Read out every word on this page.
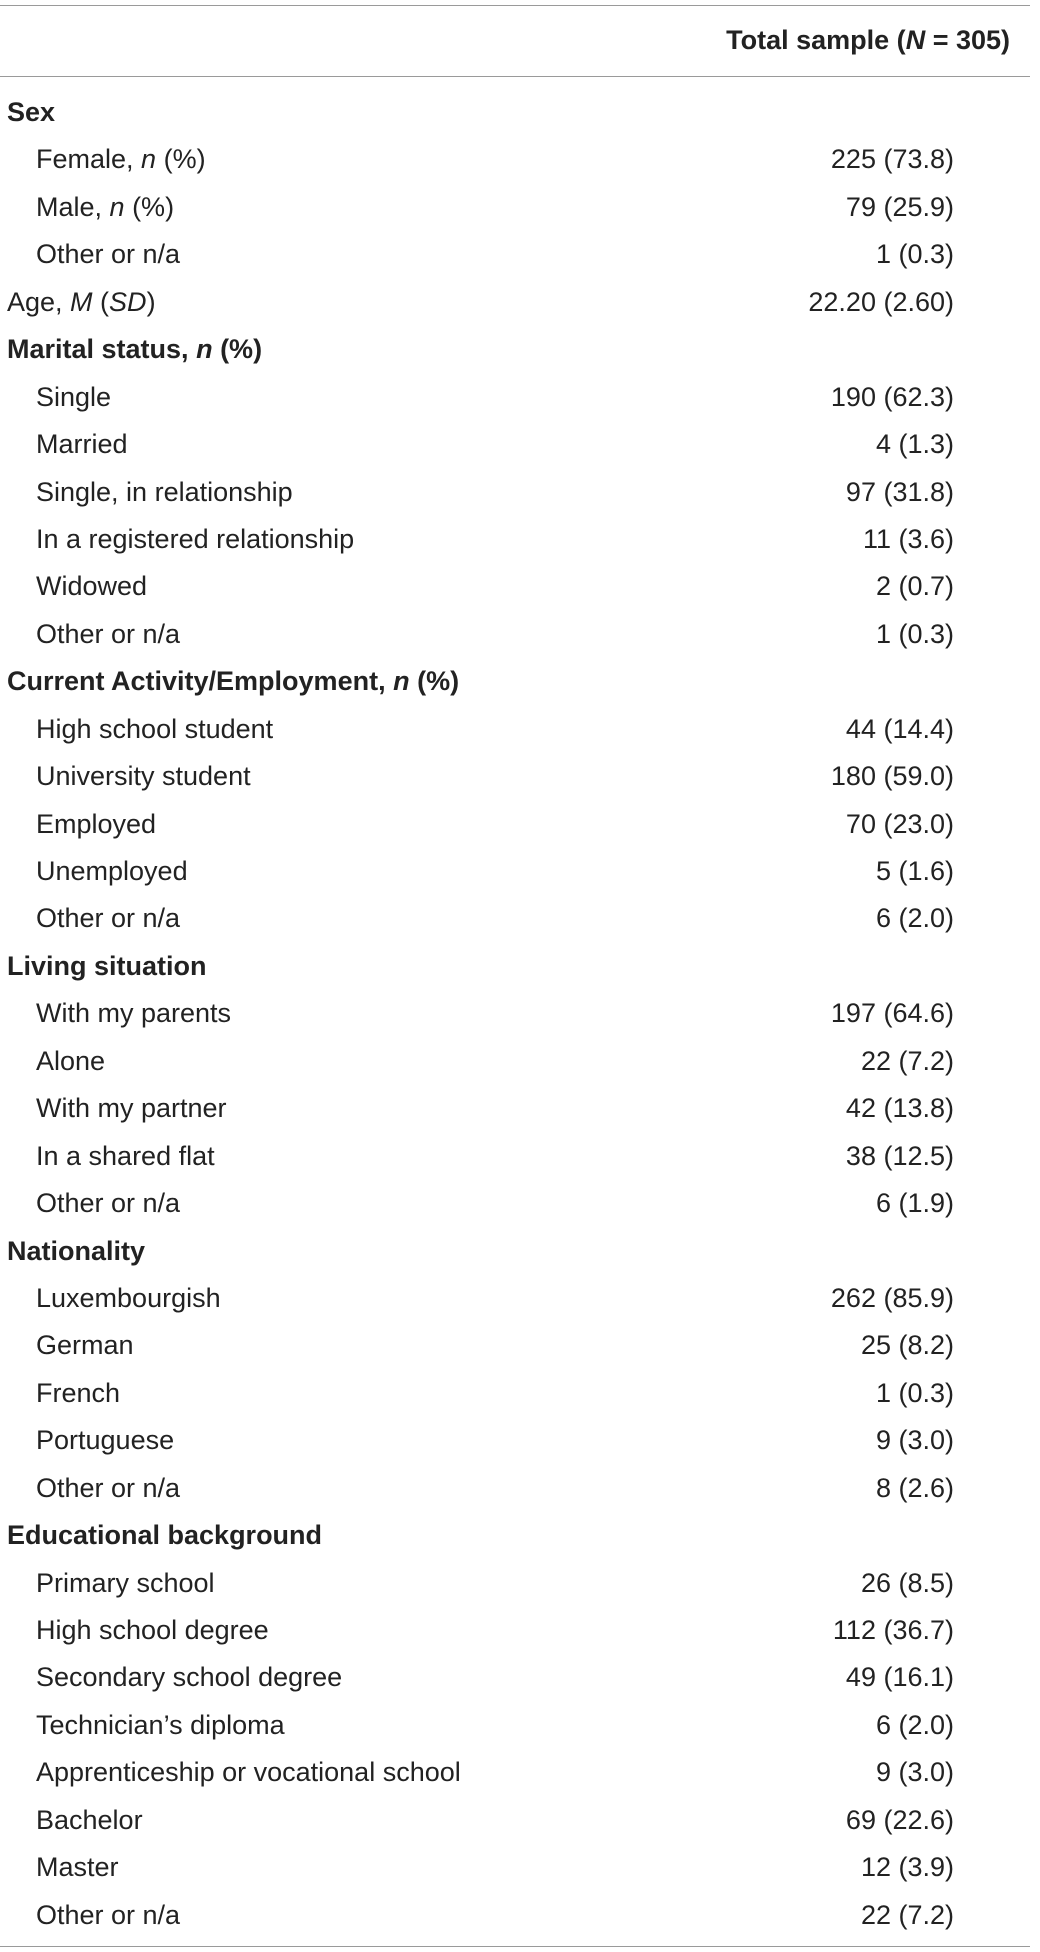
Total sample (N = 305)
Sex
Female, n (%)	225 (73.8)
Male, n (%)	79 (25.9)
Other or n/a	1 (0.3)
Age, M (SD)	22.20 (2.60)
Marital status, n (%)
Single	190 (62.3)
Married	4 (1.3)
Single, in relationship	97 (31.8)
In a registered relationship	11 (3.6)
Widowed	2 (0.7)
Other or n/a	1 (0.3)
Current Activity/Employment, n (%)
High school student	44 (14.4)
University student	180 (59.0)
Employed	70 (23.0)
Unemployed	5 (1.6)
Other or n/a	6 (2.0)
Living situation
With my parents	197 (64.6)
Alone	22 (7.2)
With my partner	42 (13.8)
In a shared flat	38 (12.5)
Other or n/a	6 (1.9)
Nationality
Luxembourgish	262 (85.9)
German	25 (8.2)
French	1 (0.3)
Portuguese	9 (3.0)
Other or n/a	8 (2.6)
Educational background
Primary school	26 (8.5)
High school degree	112 (36.7)
Secondary school degree	49 (16.1)
Technician’s diploma	6 (2.0)
Apprenticeship or vocational school	9 (3.0)
Bachelor	69 (22.6)
Master	12 (3.9)
Other or n/a	22 (7.2)
